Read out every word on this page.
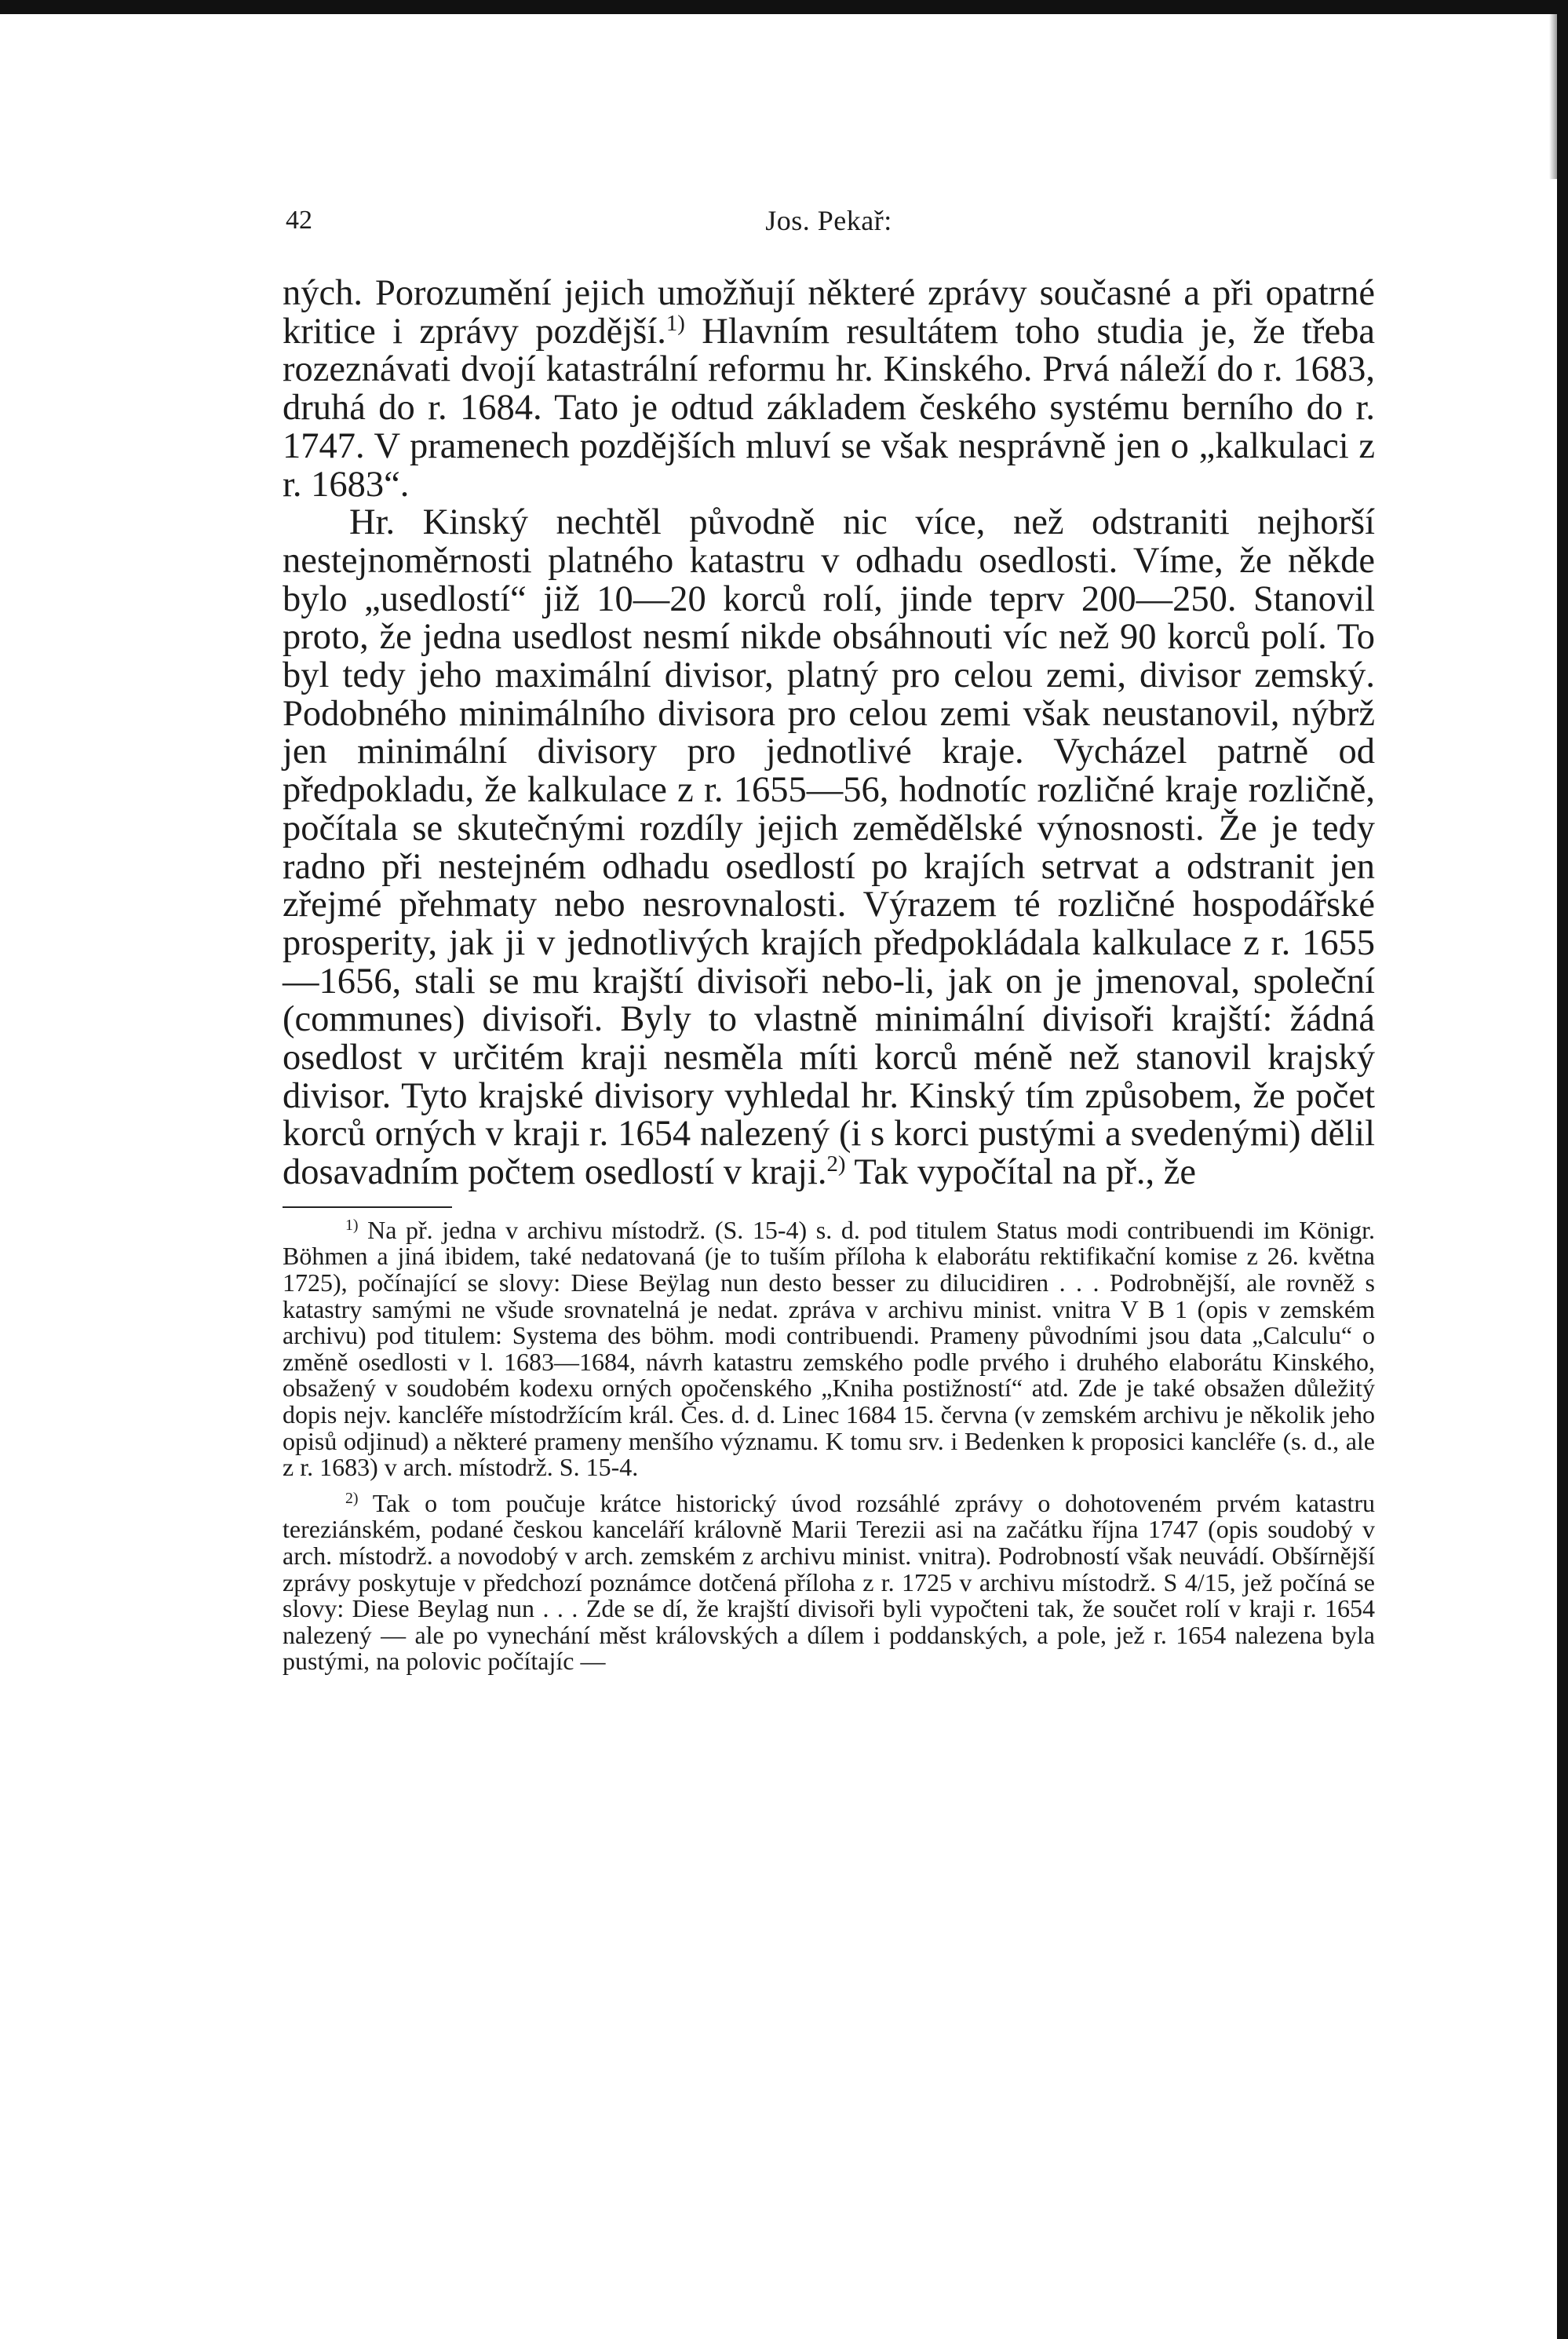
42	Jos. Pekař:

ných. Porozumění jejich umožňují některé zprávy současné a při opatrné kritice i zprávy pozdější.$^{1)}$ Hlavním resultátem toho studia je, že třeba rozeznávati dvojí katastrální reformu hr. Kinského. Prvá náleží do r. 1683, druhá do r. 1684. Tato je odtud základem českého systému berního do r. 1747. V pramenech pozdějších mluví se však nesprávně jen o „kalkulaci z r. 1683“.

Hr. Kinský nechtěl původně nic více, než odstraniti nejhorší nestejnoměrnosti platného katastru v odhadu osedlosti. Víme, že někde bylo „usedlostí“ již 10—20 korců rolí, jinde teprv 200—250. Stanovil proto, že jedna usedlost nesmí nikde obsáhnouti víc než 90 korců polí. To byl tedy jeho maximální divisor, platný pro celou zemi, divisor zemský. Podobného minimálního divisora pro celou zemi však neustanovil, nýbrž jen minimální divisory pro jednotlivé kraje. Vycházel patrně od předpokladu, že kalkulace z r. 1655—56, hodnotíc rozličné kraje rozličně, počítala se skutečnými rozdíly jejich zemědělské výnosnosti. Že je tedy radno při nestejném odhadu osedlostí po krajích setrvat a odstranit jen zřejmé přehmaty nebo nesrovnalosti. Výrazem té rozličné hospodářské prosperity, jak ji v jednotlivých krajích předpokládala kalkulace z r. 1655—1656, stali se mu krajští divisoři nebo-li, jak on je jmenoval, společní (communes) divisoři. Byly to vlastně minimální divisoři krajští: žádná osedlost v určitém kraji nesměla míti korců méně než stanovil krajský divisor. Tyto krajské divisory vyhledal hr. Kinský tím způsobem, že počet korců orných v kraji r. 1654 nalezený (i s korci pustými a svedenými) dělil dosavadním počtem osedlostí v kraji.$^{2)}$ Tak vypočítal na př., že

$^{1)}$ Na př. jedna v archivu místodrž. (S. 15-4) s. d. pod titulem Status modi contribuendi im Königr. Böhmen a jiná ibidem, také nedatovaná (je to tuším příloha k elaborátu rektifikační komise z 26. května 1725), počínající se slovy: Diese Beÿlag nun desto besser zu dilucidiren . . . Podrobnější, ale rovněž s katastry samými ne všude srovnatelná je nedat. zpráva v archivu minist. vnitra V B 1 (opis v zemském archivu) pod titulem: Systema des böhm. modi contribuendi. Prameny původními jsou data „Calculu“ o změně osedlosti v l. 1683—1684, návrh katastru zemského podle prvého i druhého elaborátu Kinského, obsažený v soudobém kodexu orných opočenského „Kniha postižností“ atd. Zde je také obsažen důležitý dopis nejv. kancléře místodržícím král. Čes. d. d. Linec 1684 15. června (v zemském archivu je několik jeho opisů odjinud) a některé prameny menšího významu. K tomu srv. i Bedenken k proposici kancléře (s. d., ale z r. 1683) v arch. místodrž. S. 15-4.

$^{2)}$ Tak o tom poučuje krátce historický úvod rozsáhlé zprávy o dohotoveném prvém katastru tereziánském, podané českou kanceláří královně Marii Terezii asi na začátku října 1747 (opis soudobý v arch. místodrž. a novodobý v arch. zemském z archivu minist. vnitra). Podrobností však neuvádí. Obšírnější zprávy poskytuje v předchozí poznámce dotčená příloha z r. 1725 v archivu místodrž. S 4/15, jež počíná se slovy: Diese Beylag nun . . . Zde se dí, že krajští divisoři byli vypočteni tak, že součet rolí v kraji r. 1654 nalezený — ale po vynechání měst královských a dílem i poddanských, a pole, jež r. 1654 nalezena byla pustými, na polovic počítajíc —
